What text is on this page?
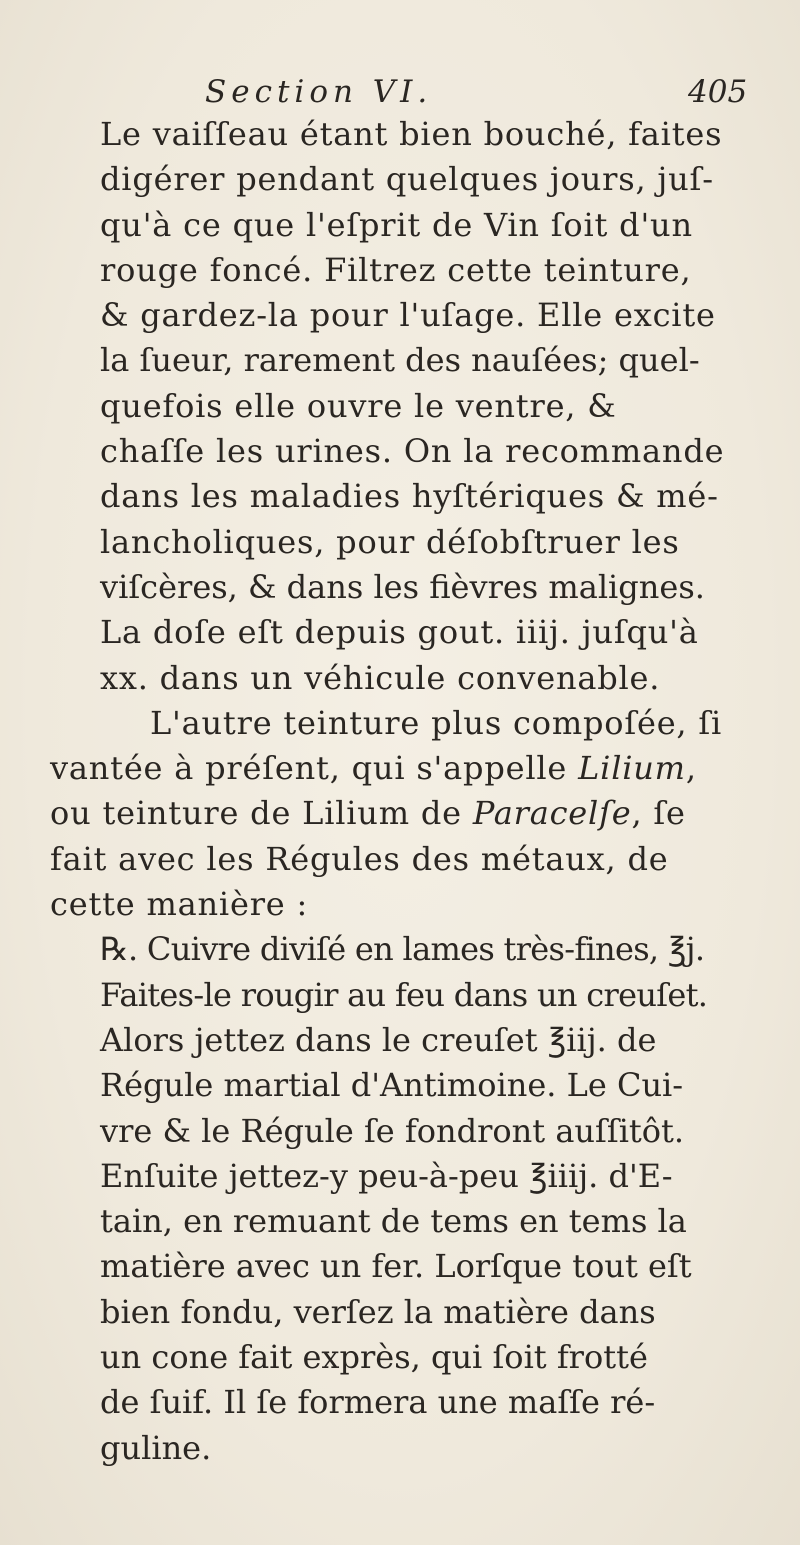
Section VI.	405
Le vaiſſeau étant bien bouché, faites
digérer pendant quelques jours, juſ-
qu'à ce que l'eſprit de Vin ſoit d'un
rouge foncé. Filtrez cette teinture,
& gardez-la pour l'uſage. Elle excite
la ſueur, rarement des nauſées; quel-
quefois elle ouvre le ventre, &
chaſſe les urines. On la recommande
dans les maladies hyſtériques & mé-
lancholiques, pour déſobſtruer les
viſcères, & dans les fièvres malignes.
La doſe eſt depuis gout. iiij. juſqu'à
xx. dans un véhicule convenable.
L'autre teinture plus compoſée, ſi
vantée à préſent, qui s'appelle Lilium,
ou teinture de Lilium de Paracelſe, ſe
fait avec les Régules des métaux, de
cette manière :
℞. Cuivre diviſé en lames très-fines, ℥j.
Faites-le rougir au feu dans un creuſet.
Alors jettez dans le creuſet ℥iij. de
Régule martial d'Antimoine. Le Cui-
vre & le Régule ſe fondront auſſitôt.
Enſuite jettez-y peu-à-peu ℥iiij. d'E-
tain, en remuant de tems en tems la
matière avec un fer. Lorſque tout eſt
bien fondu, verſez la matière dans
un cone fait exprès, qui ſoit frotté
de ſuif. Il ſe formera une maſſe ré-
guline.
